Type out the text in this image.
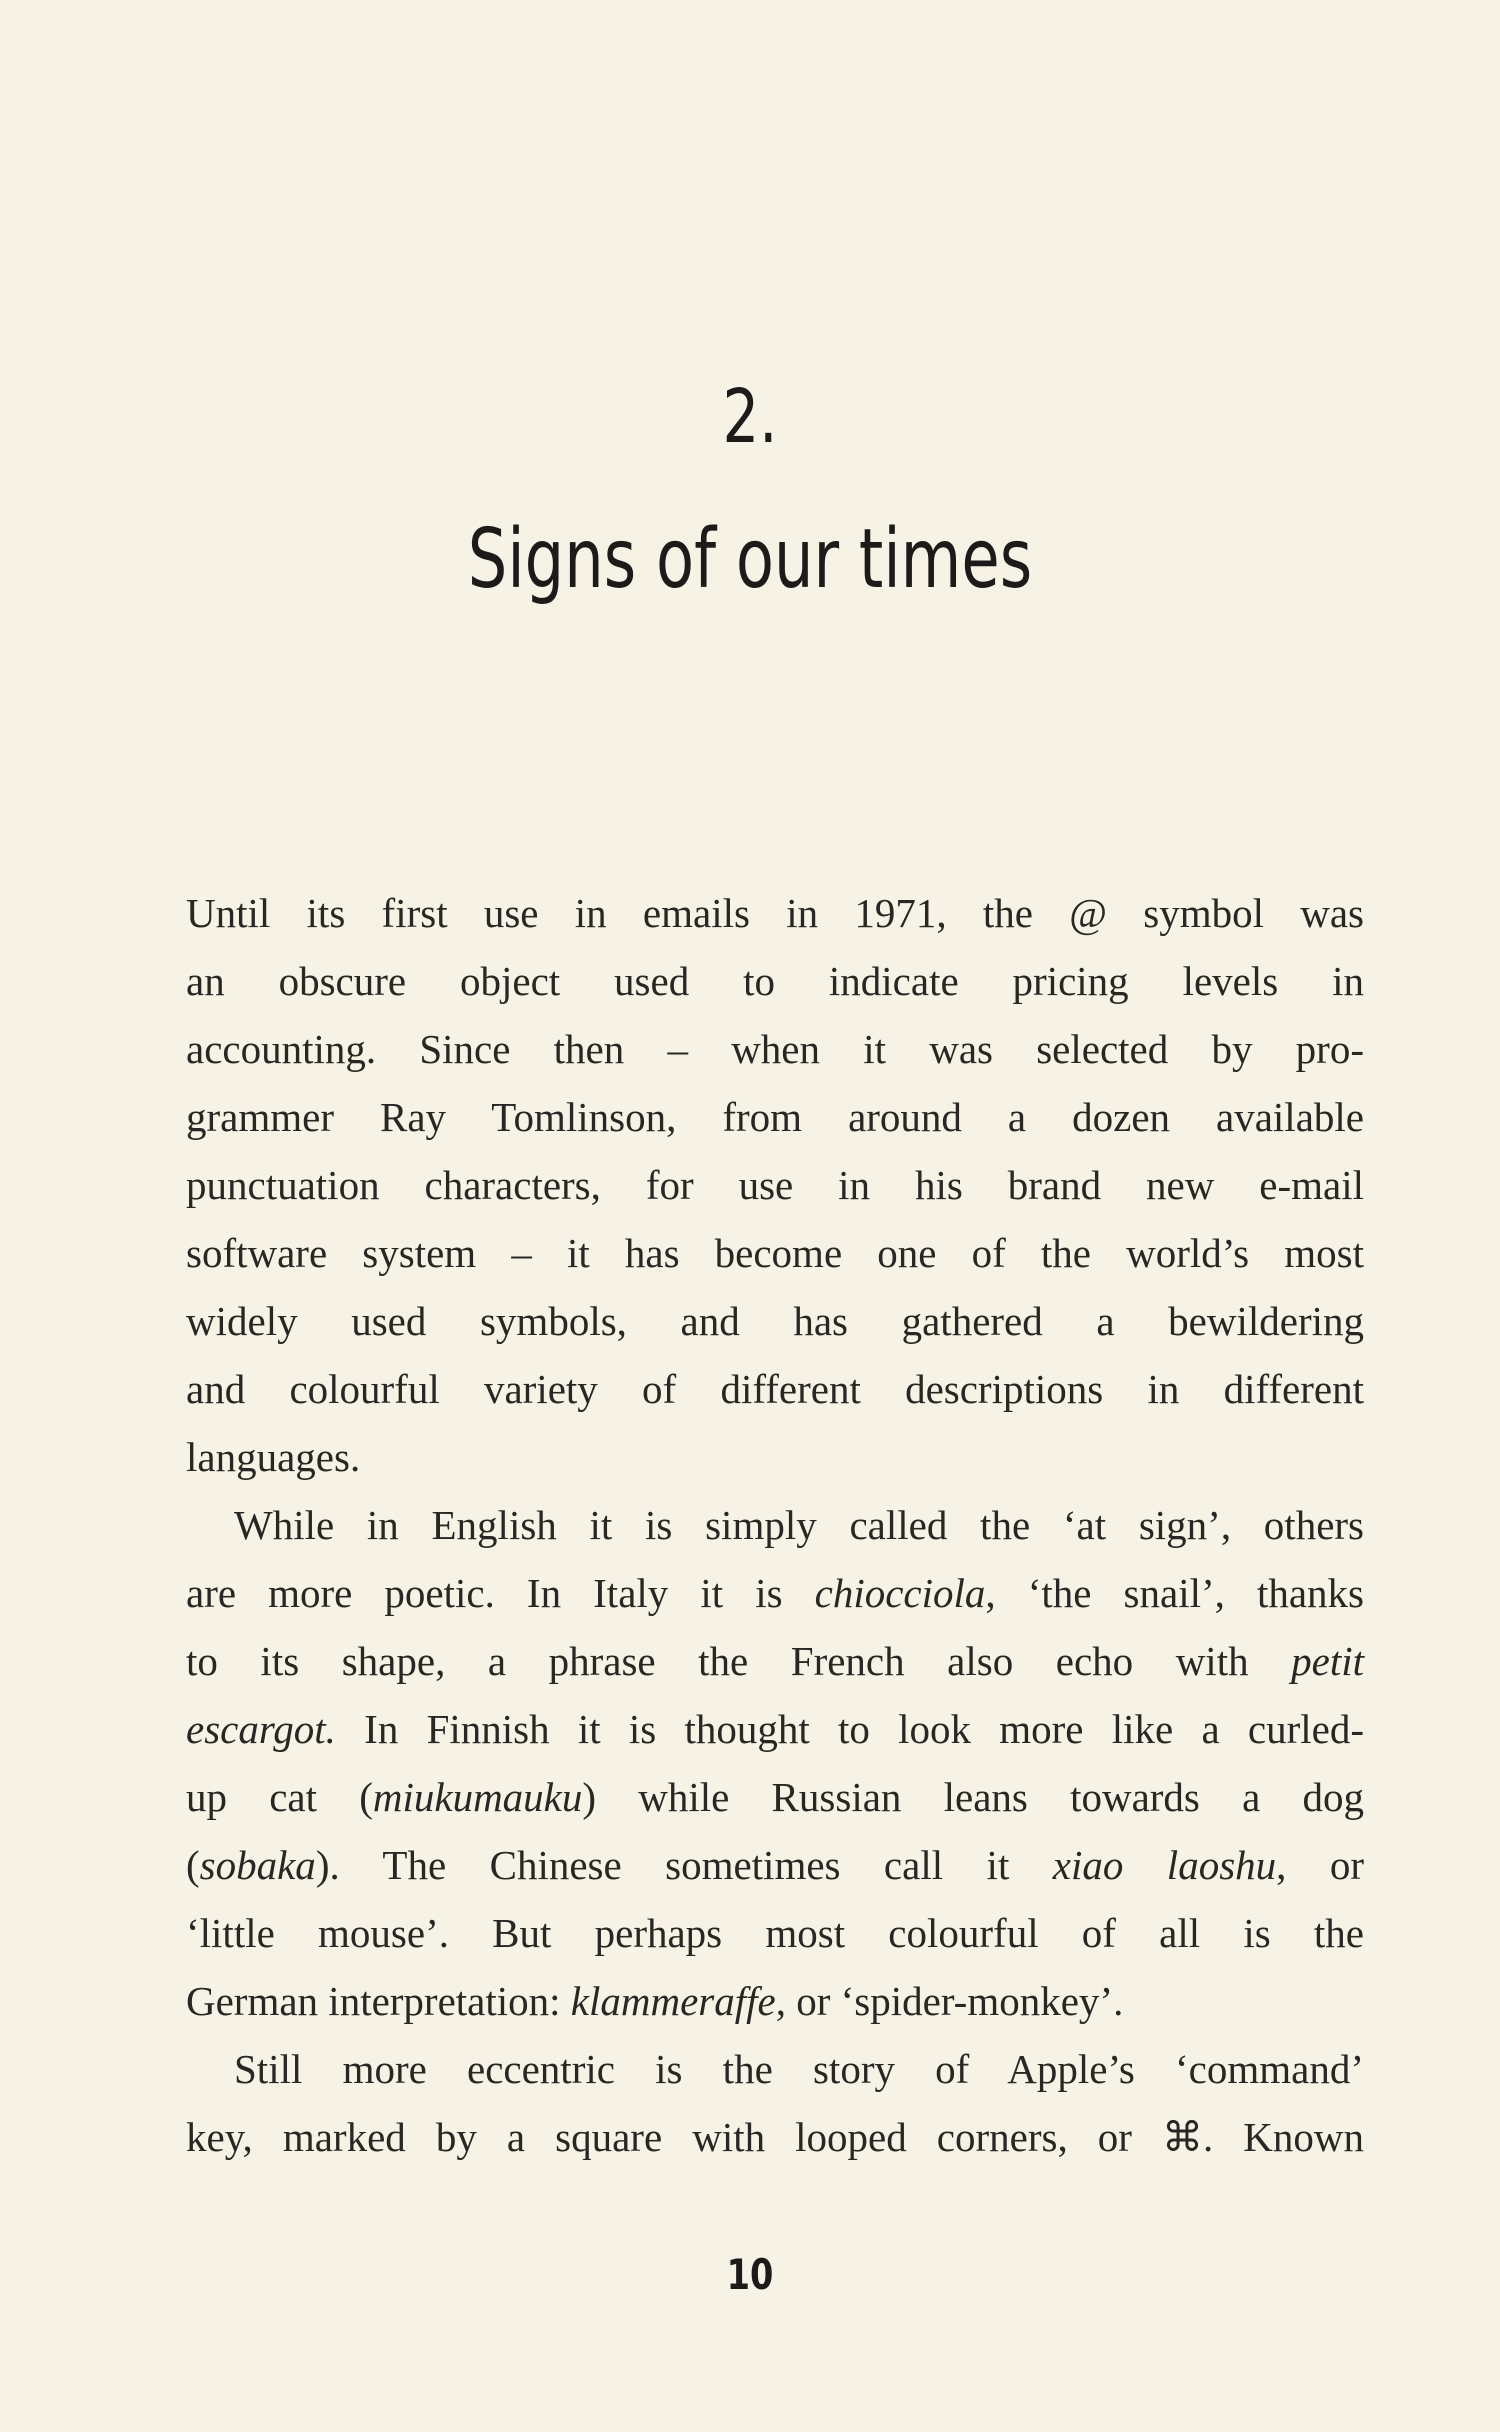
2.
Signs of our times
Until its first use in emails in 1971, the @ symbol was
an obscure object used to indicate pricing levels in
accounting. Since then – when it was selected by pro-
grammer Ray Tomlinson, from around a dozen available
punctuation characters, for use in his brand new e-mail
software system – it has become one of the world’s most
widely used symbols, and has gathered a bewildering
and colourful variety of different descriptions in different
languages.
While in English it is simply called the ‘at sign’, others
are more poetic. In Italy it is chiocciola, ‘the snail’, thanks
to its shape, a phrase the French also echo with petit
escargot. In Finnish it is thought to look more like a curled-
up cat (miukumauku) while Russian leans towards a dog
(sobaka). The Chinese sometimes call it xiao laoshu, or
‘little mouse’. But perhaps most colourful of all is the
German interpretation: klammeraffe, or ‘spider-monkey’.
Still more eccentric is the story of Apple’s ‘command’
key, marked by a square with looped corners, or ⌘. Known
10
